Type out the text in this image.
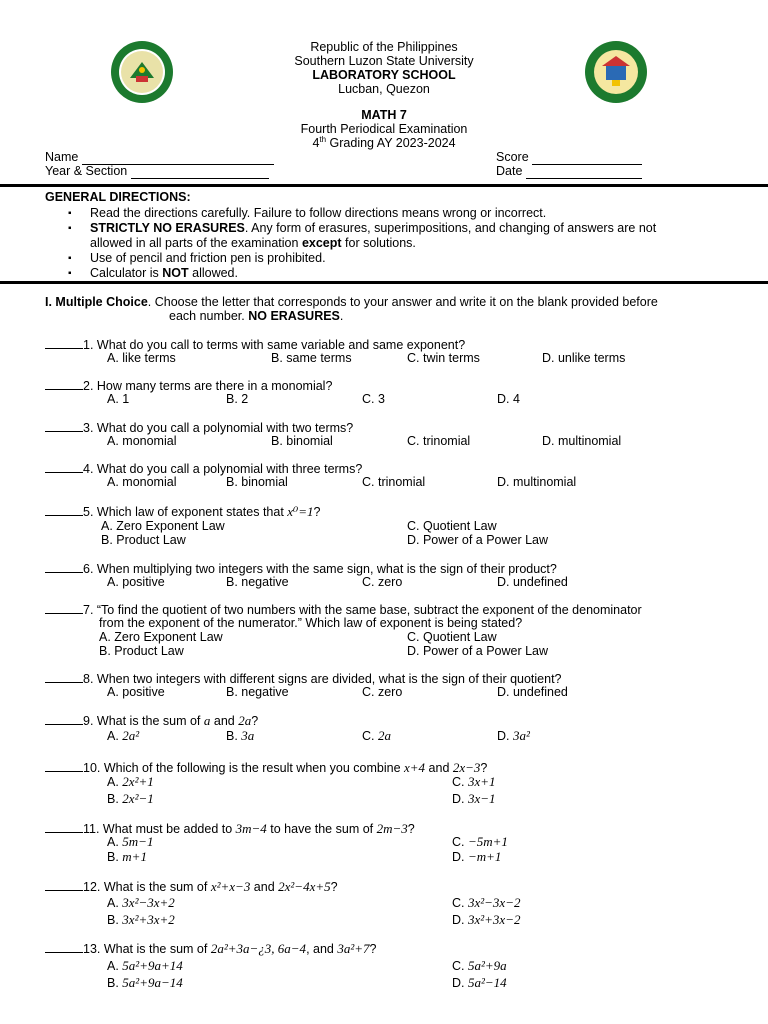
Republic of the Philippines
Southern Luzon State University
LABORATORY SCHOOL
Lucban, Quezon
MATH 7
Fourth Periodical Examination
4th Grading AY 2023-2024
Name
Year & Section
Score
Date
GENERAL DIRECTIONS:
▪ Read the directions carefully. Failure to follow directions means wrong or incorrect.
▪ STRICTLY NO ERASURES. Any form of erasures, superimpositions, and changing of answers are not
allowed in all parts of the examination except for solutions.
▪ Use of pencil and friction pen is prohibited.
▪ Calculator is NOT allowed.
I. Multiple Choice. Choose the letter that corresponds to your answer and write it on the blank provided before
each number. NO ERASURES.
1. What do you call to terms with same variable and same exponent?
A. like terms	B. same terms	C. twin terms	D. unlike terms
2. How many terms are there in a monomial?
A. 1	B. 2	C. 3	D. 4
3. What do you call a polynomial with two terms?
A. monomial	B. binomial	C. trinomial	D. multinomial
4. What do you call a polynomial with three terms?
A. monomial	B. binomial	C. trinomial	D. multinomial
5. Which law of exponent states that x⁰=1?
A. Zero Exponent Law
B. Product Law
C. Quotient Law
D. Power of a Power Law
6. When multiplying two integers with the same sign, what is the sign of their product?
A. positive	B. negative	C. zero	D. undefined
7. “To find the quotient of two numbers with the same base, subtract the exponent of the denominator
from the exponent of the numerator.” Which law of exponent is being stated?
A. Zero Exponent Law
B. Product Law
C. Quotient Law
D. Power of a Power Law
8. When two integers with different signs are divided, what is the sign of their quotient?
A. positive	B. negative	C. zero	D. undefined
9. What is the sum of a and 2a?
A. 2a²	B. 3a	C. 2a	D. 3a²
10. Which of the following is the result when you combine x+4 and 2x−3?
A. 2x²+1
B. 2x²−1
C. 3x+1
D. 3x−1
11. What must be added to 3m−4 to have the sum of 2m−3?
A. 5m−1
B. m+1
C. −5m+1
D. −m+1
12. What is the sum of x²+x−3 and 2x²−4x+5?
A. 3x²−3x+2
B. 3x²+3x+2
C. 3x²−3x−2
D. 3x²+3x−2
13. What is the sum of 2a²+3a−¿3, 6a−4, and 3a²+7?
A. 5a²+9a+14
B. 5a²+9a−14
C. 5a²+9a
D. 5a²−14
